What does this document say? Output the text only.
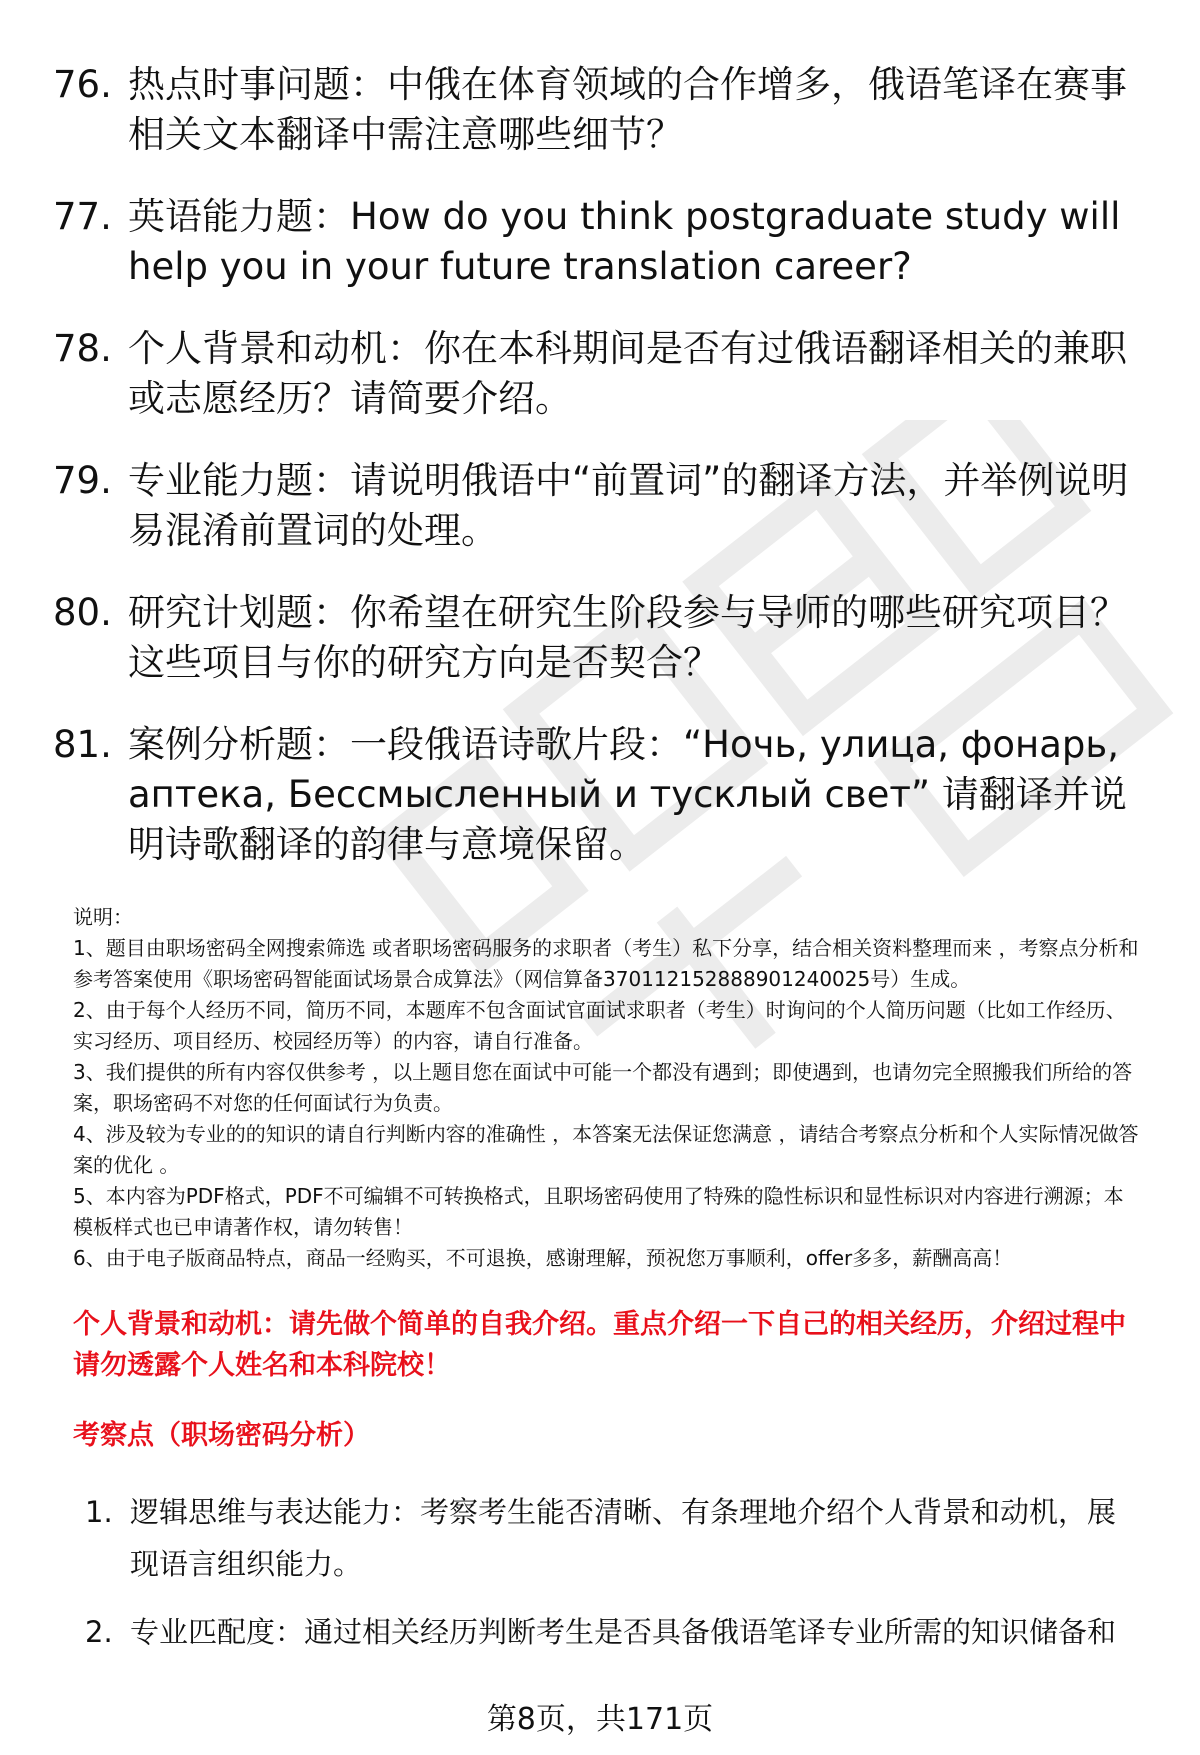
76. 热点时事问题：中俄在体育领域的合作增多，俄语笔译在赛事相关文本翻译中需注意哪些细节？
77. 英语能力题：How do you think postgraduate study will help you in your future translation career?
78. 个人背景和动机：你在本科期间是否有过俄语翻译相关的兼职或志愿经历？请简要介绍。
79. 专业能力题：请说明俄语中“前置词”的翻译方法，并举例说明易混淆前置词的处理。
80. 研究计划题：你希望在研究生阶段参与导师的哪些研究项目？这些项目与你的研究方向是否契合？
81. 案例分析题：一段俄语诗歌片段：“Ночь, улица, фонарь, аптека, Бессмысленный и тусклый свет” 请翻译并说明诗歌翻译的韵律与意境保留。

说明：

1、题目由职场密码全网搜索筛选 或者职场密码服务的求职者（考生）私下分享，结合相关资料整理而来 ，考察点分析和参考答案使用《职场密码智能面试场景合成算法》（网信算备370112152888901240025号）生成。

2、由于每个人经历不同，简历不同，本题库不包含面试官面试求职者（考生）时询问的个人简历问题（比如工作经历、实习经历、项目经历、校园经历等）的内容，请自行准备。

3、我们提供的所有内容仅供参考 ，以上题目您在面试中可能一个都没有遇到；即使遇到，也请勿完全照搬我们所给的答案，职场密码不对您的任何面试行为负责。

4、涉及较为专业的的知识的请自行判断内容的准确性 ，本答案无法保证您满意 ，请结合考察点分析和个人实际情况做答案的优化 。

5、本内容为PDF格式，PDF不可编辑不可转换格式，且职场密码使用了特殊的隐性标识和显性标识对内容进行溯源；本模板样式也已申请著作权，请勿转售！

6、由于电子版商品特点，商品一经购买，不可退换，感谢理解，预祝您万事顺利，offer多多，薪酬高高！

个人背景和动机：请先做个简单的自我介绍。重点介绍一下自己的相关经历，介绍过程中请勿透露个人姓名和本科院校！
考察点（职场密码分析）
1. 逻辑思维与表达能力：考察考生能否清晰、有条理地介绍个人背景和动机，展现语言组织能力。
2. 专业匹配度：通过相关经历判断考生是否具备俄语笔译专业所需的知识储备和
第8页，共171页
